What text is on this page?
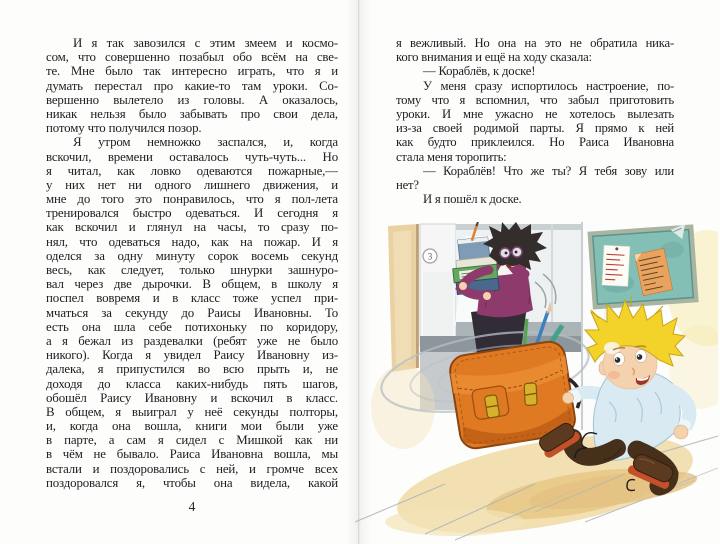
И я так завозился с этим змеем и космо-
сом, что совершенно позабыл обо всём на све-
те. Мне было так интересно играть, что я и
думать перестал про какие-то там уроки. Со-
вершенно вылетело из головы. А оказалось,
никак нельзя было забывать про свои дела,
потому что получился позор.
Я утром немножко заспался, и, когда
вскочил, времени оставалось чуть-чуть... Но
я читал, как ловко одеваются пожарные,—
у них нет ни одного лишнего движения, и
мне до того это понравилось, что я пол-лета
тренировался быстро одеваться. И сегодня я
как вскочил и глянул на часы, то сразу по-
нял, что одеваться надо, как на пожар. И я
оделся за одну минуту сорок восемь секунд
весь, как следует, только шнурки зашнуро-
вал через две дырочки. В общем, в школу я
поспел вовремя и в класс тоже успел при-
мчаться за секунду до Раисы Ивановны. То
есть она шла себе потихоньку по коридору,
а я бежал из раздевалки (ребят уже не было
никого). Когда я увидел Раису Ивановну из-
далека, я припустился во всю прыть и, не
доходя до класса каких-нибудь пять шагов,
обошёл Раису Ивановну и вскочил в класс.
В общем, я выиграл у неё секунды полторы,
и, когда она вошла, книги мои были уже
в парте, а сам я сидел с Мишкой как ни
в чём не бывало. Раиса Ивановна вошла, мы
встали и поздоровались с ней, и громче всех
поздоровался я, чтобы она видела, какой
4
я вежливый. Но она на это не обратила ника-
кого внимания и ещё на ходу сказала:
— Кораблёв, к доске!
У меня сразу испортилось настроение, по-
тому что я вспомнил, что забыл приготовить
уроки. И мне ужасно не хотелось вылезать
из-за своей родимой парты. Я прямо к ней
как будто приклеился. Но Раиса Ивановна
стала меня торопить:
— Кораблёв! Что же ты? Я тебя зову или
нет?
И я пошёл к доске.
3
